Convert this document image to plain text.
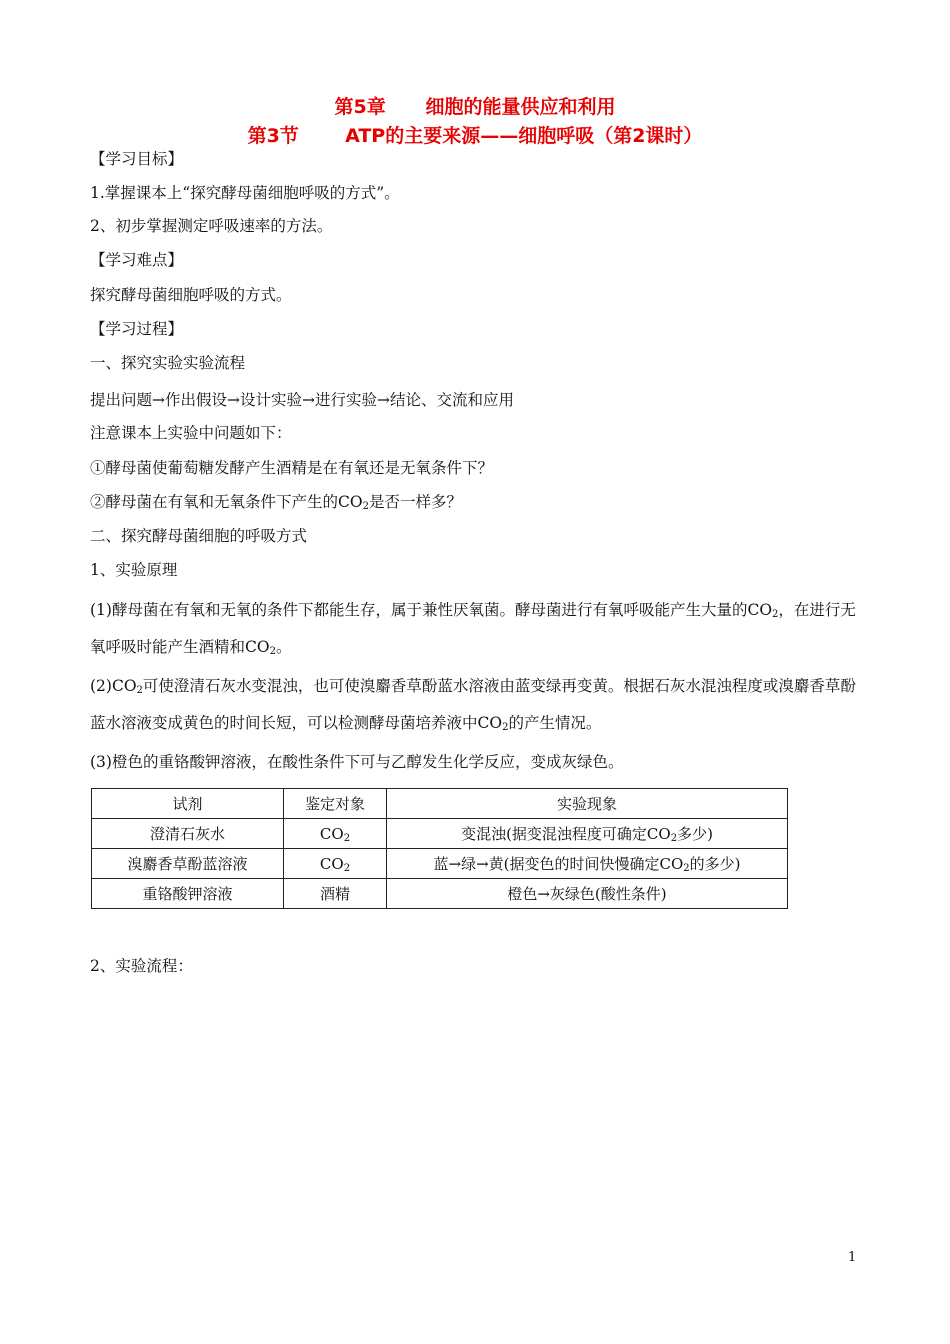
第5章      细胞的能量供应和利用

第3节       ATP的主要来源——细胞呼吸（第2课时）

【学习目标】

1.掌握课本上“探究酵母菌细胞呼吸的方式”。

2、初步掌握测定呼吸速率的方法。

【学习难点】

探究酵母菌细胞呼吸的方式。

【学习过程】

一、探究实验实验流程

提出问题→作出假设→设计实验→进行实验→结论、交流和应用

注意课本上实验中问题如下：

①酵母菌使葡萄糖发酵产生酒精是在有氧还是无氧条件下？

②酵母菌在有氧和无氧条件下产生的$CO_2$是否一样多？

二、探究酵母菌细胞的呼吸方式

1、实验原理

(1)酵母菌在有氧和无氧的条件下都能生存，属于兼性厌氧菌。酵母菌进行有氧呼吸能产生大量的$CO_2$，在进行无氧呼吸时能产生酒精和$CO_2$。

$(2)CO_2$可使澄清石灰水变混浊，也可使溴麝香草酚蓝水溶液由蓝变绿再变黄。根据石灰水混浊程度或溴麝香草酚蓝水溶液变成黄色的时间长短，可以检测酵母菌培养液中$CO_2$的产生情况。

(3)橙色的重铬酸钾溶液，在酸性条件下可与乙醇发生化学反应，变成灰绿色。

试剂	鉴定对象	实验现象
澄清石灰水	$CO_2$	变混浊(据变混浊程度可确定$CO_2$多少)
溴麝香草酚蓝溶液	$CO_2$	蓝→绿→黄(据变色的时间快慢确定$CO_2$的多少)
重铬酸钾溶液	酒精	橙色→灰绿色(酸性条件)

2、实验流程：

1
